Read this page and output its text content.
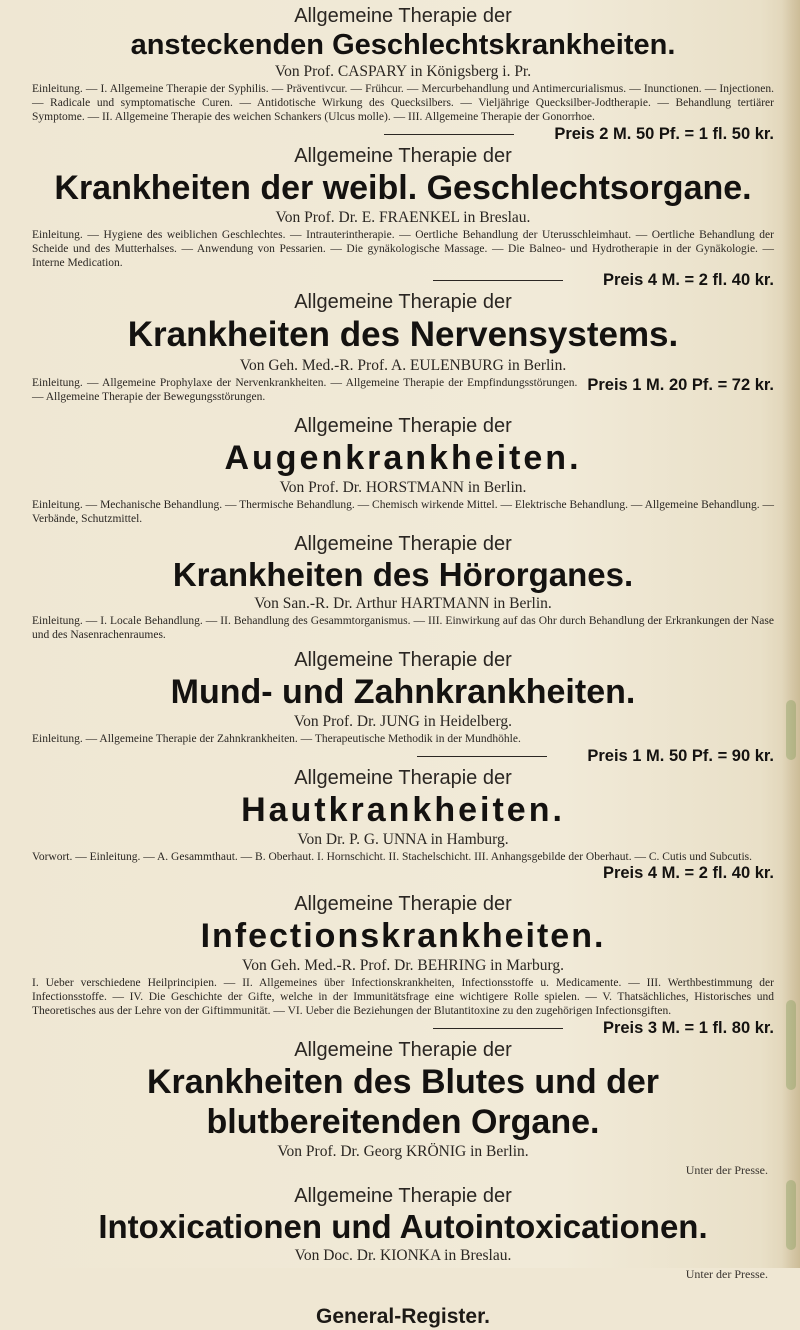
Allgemeine Therapie der
ansteckenden Geschlechtskrankheiten.
Von Prof. CASPARY in Königsberg i. Pr.
Einleitung. — I. Allgemeine Therapie der Syphilis. — Präventivcur. — Frühcur. — Mercurbehandlung und Antimercurialismus. — Inunctionen. — Injectionen. — Radicale und symptomatische Curen. — Antidotische Wirkung des Quecksilbers. — Vieljährige Quecksilber-Jodtherapie. — Behandlung tertiärer Symptome. — II. Allgemeine Therapie des weichen Schankers (Ulcus molle). — III. Allgemeine Therapie der Gonorrhoe.
Preis 2 M. 50 Pf. = 1 fl. 50 kr.
Allgemeine Therapie der
Krankheiten der weibl. Geschlechtsorgane.
Von Prof. Dr. E. FRAENKEL in Breslau.
Einleitung. — Hygiene des weiblichen Geschlechtes. — Intrauterintherapie. — Oertliche Behandlung der Uterusschleimhaut. — Oertliche Behandlung der Scheide und des Mutterhalses. — Anwendung von Pessarien. — Die gynäkologische Massage. — Die Balneo- und Hydrotherapie in der Gynäkologie. — Interne Medication.
Preis 4 M. = 2 fl. 40 kr.
Allgemeine Therapie der
Krankheiten des Nervensystems.
Von Geh. Med.-R. Prof. A. EULENBURG in Berlin.
Preis 1 M. 20 Pf. = 72 kr.
Einleitung. — Allgemeine Prophylaxe der Nervenkrankheiten. — Allgemeine Therapie der Empfindungsstörungen. — Allgemeine Therapie der Bewegungsstörungen.
Allgemeine Therapie der
Augenkrankheiten.
Von Prof. Dr. HORSTMANN in Berlin.
Einleitung. — Mechanische Behandlung. — Thermische Behandlung. — Chemisch wirkende Mittel. — Elektrische Behandlung. — Allgemeine Behandlung. — Verbände, Schutzmittel.
Allgemeine Therapie der
Krankheiten des Hörorganes.
Von San.-R. Dr. Arthur HARTMANN in Berlin.
Einleitung. — I. Locale Behandlung. — II. Behandlung des Gesammtorganismus. — III. Einwirkung auf das Ohr durch Behandlung der Erkrankungen der Nase und des Nasenrachenraumes.
Allgemeine Therapie der
Mund- und Zahnkrankheiten.
Von Prof. Dr. JUNG in Heidelberg.
Einleitung. — Allgemeine Therapie der Zahnkrankheiten. — Therapeutische Methodik in der Mundhöhle.
Preis 1 M. 50 Pf. = 90 kr.
Allgemeine Therapie der
Hautkrankheiten.
Von Dr. P. G. UNNA in Hamburg.
Vorwort. — Einleitung. — A. Gesammthaut. — B. Oberhaut. I. Hornschicht. II. Stachelschicht. III. Anhangsgebilde der Oberhaut. — C. Cutis und Subcutis.
Preis 4 M. = 2 fl. 40 kr.
Allgemeine Therapie der
Infectionskrankheiten.
Von Geh. Med.-R. Prof. Dr. BEHRING in Marburg.
I. Ueber verschiedene Heilprincipien. — II. Allgemeines über Infectionskrankheiten, Infectionsstoffe u. Medicamente. — III. Werthbestimmung der Infectionsstoffe. — IV. Die Geschichte der Gifte, welche in der Immunitätsfrage eine wichtigere Rolle spielen. — V. Thatsächliches, Historisches und Theoretisches aus der Lehre von der Giftimmunität. — VI. Ueber die Beziehungen der Blutantitoxine zu den zugehörigen Infectionsgiften.
Preis 3 M. = 1 fl. 80 kr.
Allgemeine Therapie der
Krankheiten des Blutes und der
blutbereitenden Organe.
Von Prof. Dr. Georg KRÖNIG in Berlin.
Unter der Presse.
Allgemeine Therapie der
Intoxicationen und Autointoxicationen.
Von Doc. Dr. KIONKA in Breslau.
Unter der Presse.
General-Register.
